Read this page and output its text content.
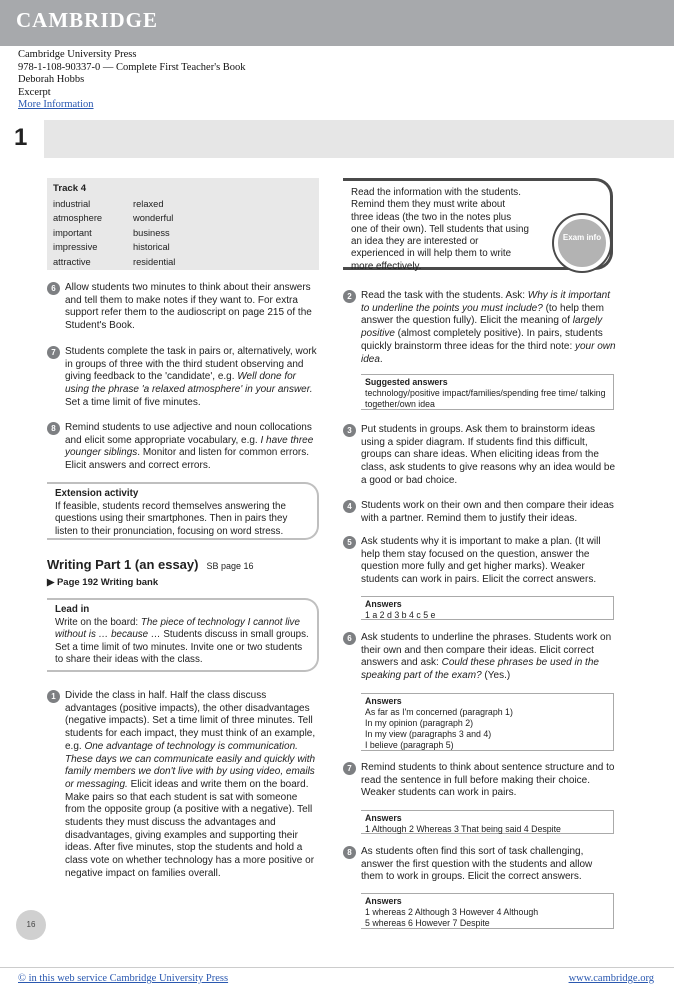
CAMBRIDGE
Cambridge University Press
978-1-108-90337-0 — Complete First Teacher's Book
Deborah Hobbs
Excerpt
More Information
1
Track 4
industrial	relaxed
atmosphere	wonderful
important	business
impressive	historical
attractive	residential
Read the information with the students. Remind them they must write about three ideas (the two in the notes plus one of their own). Tell students that using an idea they are interested or experienced in will help them to write more effectively.
Exam info
6 Allow students two minutes to think about their answers and tell them to make notes if they want to. For extra support refer them to the audioscript on page 215 of the Student's Book.
7 Students complete the task in pairs or, alternatively, work in groups of three with the third student observing and giving feedback to the 'candidate', e.g. Well done for using the phrase 'a relaxed atmosphere' in your answer. Set a time limit of five minutes.
8 Remind students to use adjective and noun collocations and elicit some appropriate vocabulary, e.g. I have three younger siblings. Monitor and listen for common errors. Elicit answers and correct errors.
Extension activity
If feasible, students record themselves answering the questions using their smartphones. Then in pairs they listen to their pronunciation, focusing on word stress.
Writing Part 1 (an essay) SB page 16
▶ Page 192 Writing bank
Lead in
Write on the board: The piece of technology I cannot live without is … because … Students discuss in small groups. Set a time limit of two minutes. Invite one or two students to share their ideas with the class.
1 Divide the class in half. Half the class discuss advantages (positive impacts), the other disadvantages (negative impacts). Set a time limit of three minutes. Tell students for each impact, they must think of an example, e.g. One advantage of technology is communication. These days we can communicate easily and quickly with family members we don't live with by using video, emails or messaging. Elicit ideas and write them on the board. Make pairs so that each student is sat with someone from the opposite group (a positive with a negative). Tell students they must discuss the advantages and disadvantages, giving examples and supporting their ideas. After five minutes, stop the students and hold a class vote on whether technology has a more positive or negative impact on families overall.
2 Read the task with the students. Ask: Why is it important to underline the points you must include? (to help them answer the question fully). Elicit the meaning of largely positive (almost completely positive). In pairs, students quickly brainstorm three ideas for the third note: your own idea.
Suggested answers
technology/positive impact/families/spending free time/ talking together/own idea
3 Put students in groups. Ask them to brainstorm ideas using a spider diagram. If students find this difficult, groups can share ideas. When eliciting ideas from the class, ask students to give reasons why an idea would be a good or bad choice.
4 Students work on their own and then compare their ideas with a partner. Remind them to justify their ideas.
5 Ask students why it is important to make a plan. (It will help them stay focused on the question, answer the question more fully and get higher marks). Weaker students can work in pairs. Elicit the correct answers.
Answers
1 a 2 d 3 b 4 c 5 e
6 Ask students to underline the phrases. Students work on their own and then compare their ideas. Elicit correct answers and ask: Could these phrases be used in the speaking part of the exam? (Yes.)
Answers
As far as I'm concerned (paragraph 1)
In my opinion (paragraph 2)
In my view (paragraphs 3 and 4)
I believe (paragraph 5)
7 Remind students to think about sentence structure and to read the sentence in full before making their choice. Weaker students can work in pairs.
Answers
1 Although 2 Whereas 3 That being said 4 Despite
8 As students often find this sort of task challenging, answer the first question with the students and allow them to work in groups. Elicit the correct answers.
Answers
1 whereas 2 Although 3 However 4 Although
5 whereas 6 However 7 Despite
16
© in this web service Cambridge University Press	www.cambridge.org
